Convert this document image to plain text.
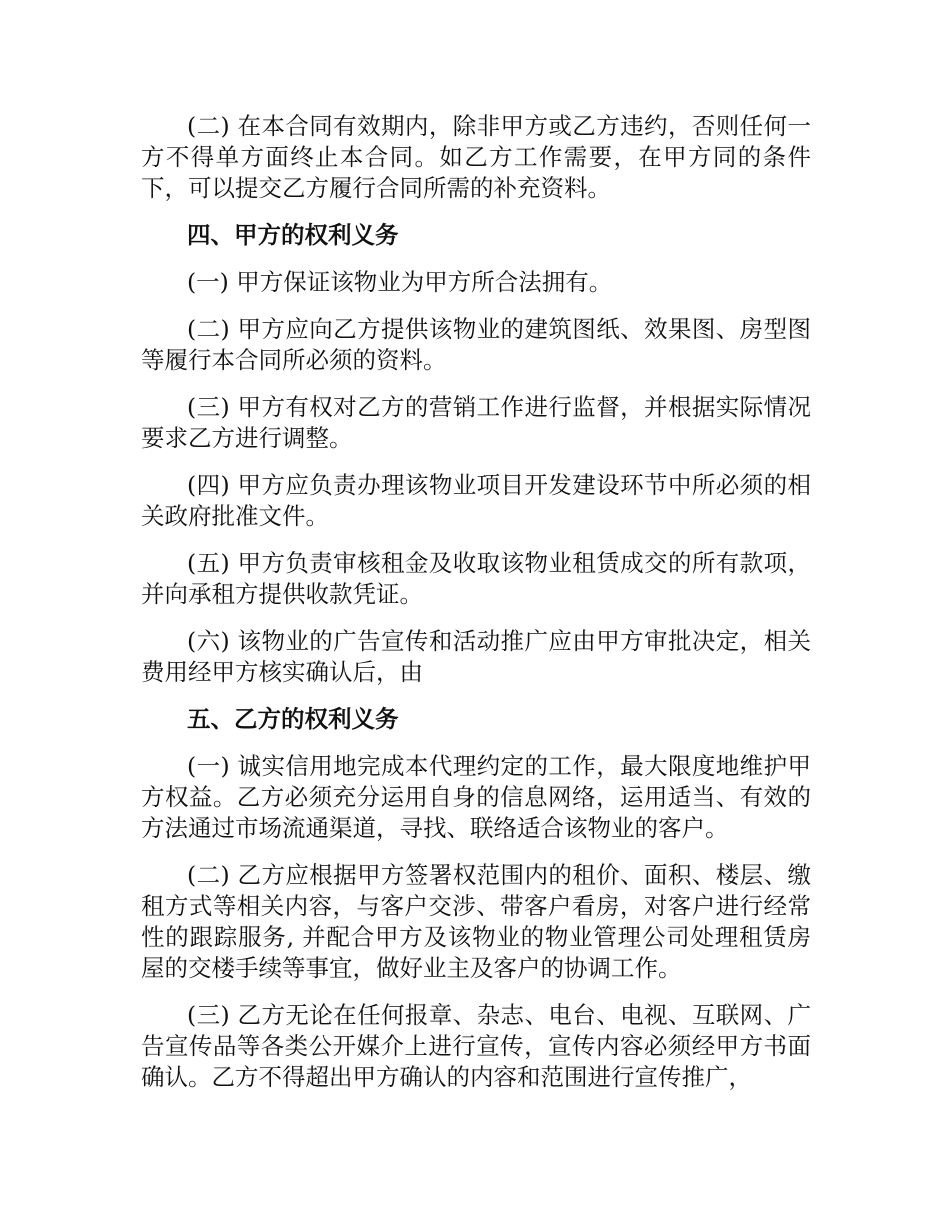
(二) 在本合同有效期内，除非甲方或乙方违约，否则任何一方不得单方面终止本合同。如乙方工作需要，在甲方同的条件下，可以提交乙方履行合同所需的补充资料。

四、甲方的权利义务

(一) 甲方保证该物业为甲方所合法拥有。

(二) 甲方应向乙方提供该物业的建筑图纸、效果图、房型图等履行本合同所必须的资料。

(三) 甲方有权对乙方的营销工作进行监督，并根据实际情况要求乙方进行调整。

(四) 甲方应负责办理该物业项目开发建设环节中所必须的相关政府批准文件。

(五) 甲方负责审核租金及收取该物业租赁成交的所有款项，并向承租方提供收款凭证。

(六) 该物业的广告宣传和活动推广应由甲方审批决定，相关费用经甲方核实确认后，由

五、乙方的权利义务

(一) 诚实信用地完成本代理约定的工作，最大限度地维护甲方权益。乙方必须充分运用自身的信息网络，运用适当、有效的方法通过市场流通渠道，寻找、联络适合该物业的客户。

(二) 乙方应根据甲方签署权范围内的租价、面积、楼层、缴租方式等相关内容，与客户交涉、带客户看房，对客户进行经常性的跟踪服务, 并配合甲方及该物业的物业管理公司处理租赁房屋的交楼手续等事宜，做好业主及客户的协调工作。

(三) 乙方无论在任何报章、杂志、电台、电视、互联网、广告宣传品等各类公开媒介上进行宣传，宣传内容必须经甲方书面确认。乙方不得超出甲方确认的内容和范围进行宣传推广，
